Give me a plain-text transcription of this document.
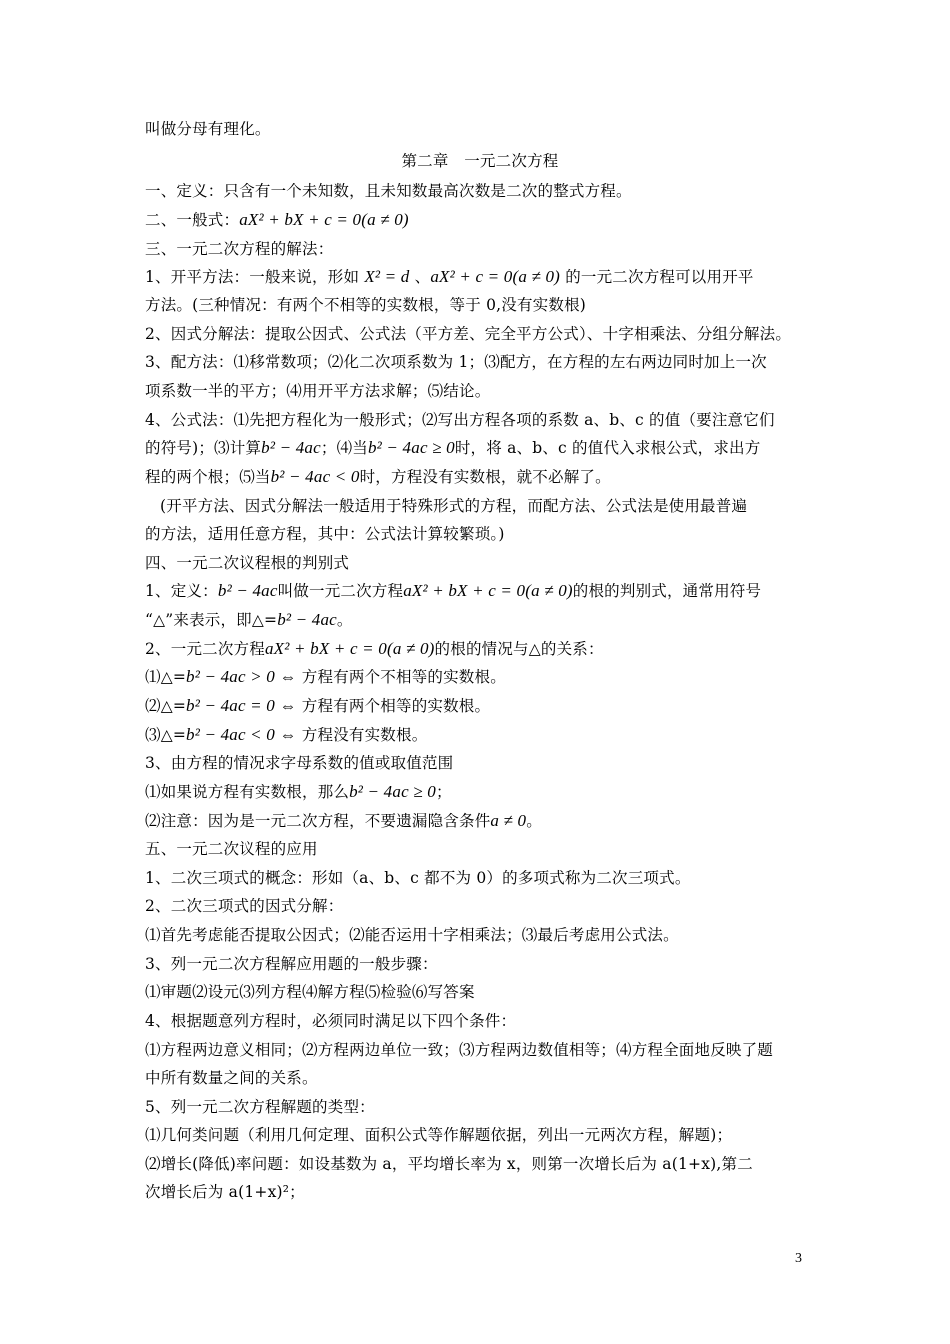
叫做分母有理化。
第二章　一元二次方程
一、定义：只含有一个未知数，且未知数最高次数是二次的整式方程。
二、一般式：aX² + bX + c = 0(a ≠ 0)
三、一元二次方程的解法：
1、开平方法：一般来说，形如 X² = d 、aX² + c = 0(a ≠ 0) 的一元二次方程可以用开平
方法。(三种情况：有两个不相等的实数根，等于 0,没有实数根)
2、因式分解法：提取公因式、公式法（平方差、完全平方公式）、十字相乘法、分组分解法。
3、配方法：⑴移常数项；⑵化二次项系数为 1；⑶配方，在方程的左右两边同时加上一次
项系数一半的平方；⑷用开平方法求解；⑸结论。
4、公式法：⑴先把方程化为一般形式；⑵写出方程各项的系数 a、b、c 的值（要注意它们
的符号)；⑶计算b² − 4ac；⑷当b² − 4ac ≥ 0时，将 a、b、c 的值代入求根公式，求出方
程的两个根；⑸当b² − 4ac < 0时，方程没有实数根，就不必解了。
(开平方法、因式分解法一般适用于特殊形式的方程，而配方法、公式法是使用最普遍
的方法，适用任意方程，其中：公式法计算较繁琐。)
四、一元二次议程根的判别式
1、定义：b² − 4ac叫做一元二次方程aX² + bX + c = 0(a ≠ 0)的根的判别式，通常用符号
“△”来表示，即△=b² − 4ac。
2、一元二次方程aX² + bX + c = 0(a ≠ 0)的根的情况与△的关系：
⑴△=b² − 4ac > 0 ⇔ 方程有两个不相等的实数根。
⑵△=b² − 4ac = 0 ⇔ 方程有两个相等的实数根。
⑶△=b² − 4ac < 0 ⇔ 方程没有实数根。
3、由方程的情况求字母系数的值或取值范围
⑴如果说方程有实数根，那么b² − 4ac ≥ 0；
⑵注意：因为是一元二次方程，不要遗漏隐含条件a ≠ 0。
五、一元二次议程的应用
1、二次三项式的概念：形如（a、b、c 都不为 0）的多项式称为二次三项式。
2、二次三项式的因式分解：
⑴首先考虑能否提取公因式；⑵能否运用十字相乘法；⑶最后考虑用公式法。
3、列一元二次方程解应用题的一般步骤：
⑴审题⑵设元⑶列方程⑷解方程⑸检验⑹写答案
4、根据题意列方程时，必须同时满足以下四个条件：
⑴方程两边意义相同；⑵方程两边单位一致；⑶方程两边数值相等；⑷方程全面地反映了题
中所有数量之间的关系。
5、列一元二次方程解题的类型：
⑴几何类问题（利用几何定理、面积公式等作解题依据，列出一元两次方程，解题)；
⑵增长(降低)率问题：如设基数为 a，平均增长率为 x，则第一次增长后为 a(1+x),第二
次增长后为 a(1+x)²；
3
